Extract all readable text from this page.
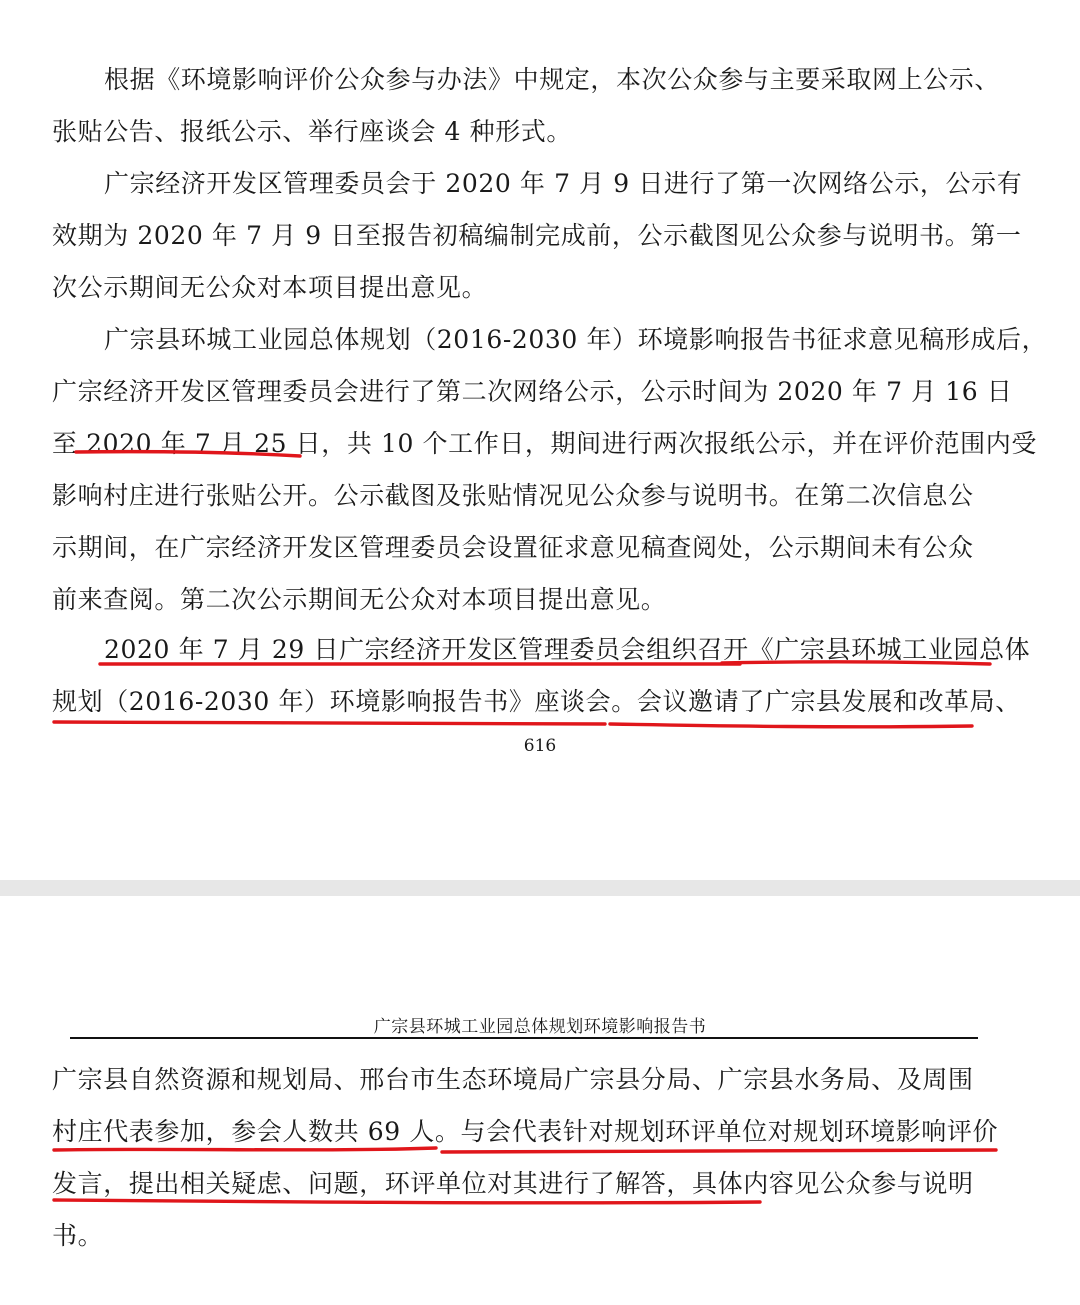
根据《环境影响评价公众参与办法》中规定，本次公众参与主要采取网上公示、
张贴公告、报纸公示、举行座谈会 4 种形式。
广宗经济开发区管理委员会于 2020 年 7 月 9 日进行了第一次网络公示，公示有
效期为 2020 年 7 月 9 日至报告初稿编制完成前，公示截图见公众参与说明书。第一
次公示期间无公众对本项目提出意见。
广宗县环城工业园总体规划（2016-2030 年）环境影响报告书征求意见稿形成后，
广宗经济开发区管理委员会进行了第二次网络公示，公示时间为 2020 年 7 月 16 日
至 2020 年 7 月 25 日，共 10 个工作日，期间进行两次报纸公示，并在评价范围内受
影响村庄进行张贴公开。公示截图及张贴情况见公众参与说明书。在第二次信息公
示期间，在广宗经济开发区管理委员会设置征求意见稿查阅处，公示期间未有公众
前来查阅。第二次公示期间无公众对本项目提出意见。
2020 年 7 月 29 日广宗经济开发区管理委员会组织召开《广宗县环城工业园总体
规划（2016-2030 年）环境影响报告书》座谈会。会议邀请了广宗县发展和改革局、
616
广宗县环城工业园总体规划环境影响报告书
广宗县自然资源和规划局、邢台市生态环境局广宗县分局、广宗县水务局、及周围
村庄代表参加，参会人数共 69 人。与会代表针对规划环评单位对规划环境影响评价
发言，提出相关疑虑、问题，环评单位对其进行了解答，具体内容见公众参与说明
书。
